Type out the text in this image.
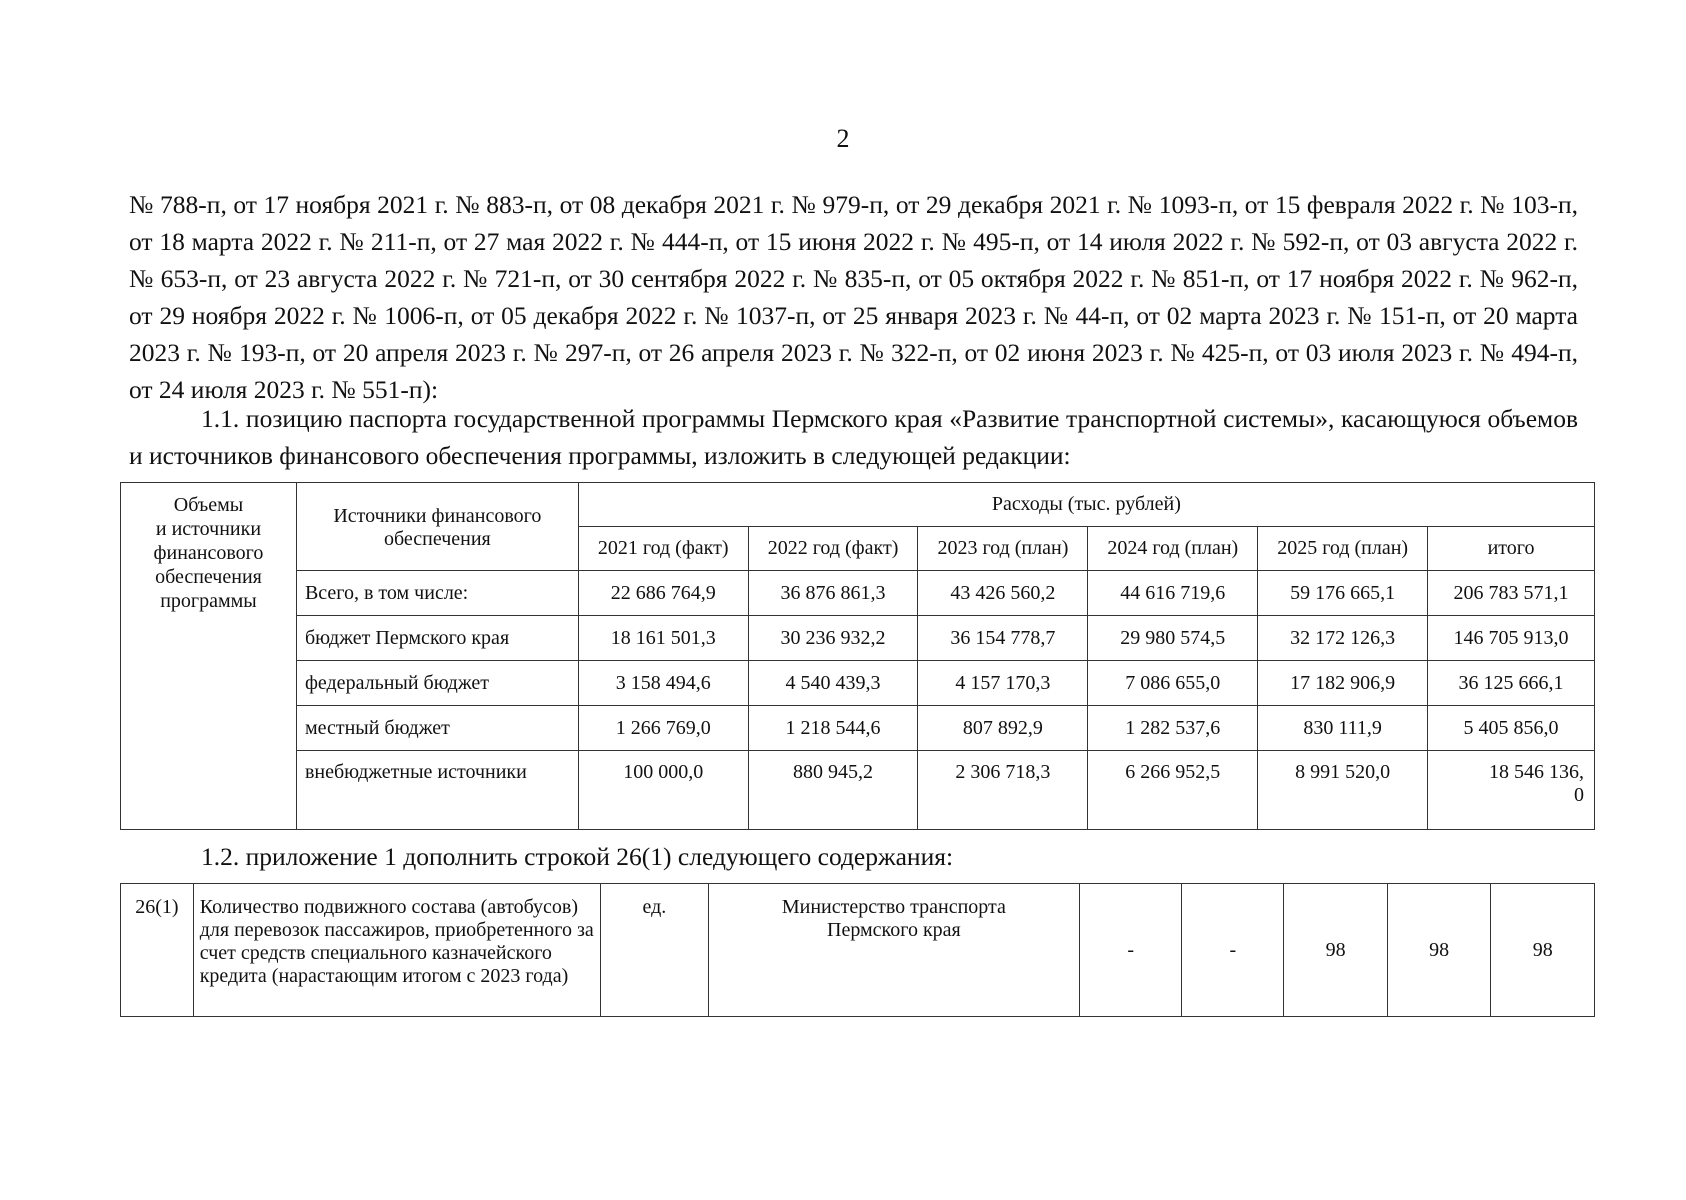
2

№ 788-п, от 17 ноября 2021 г. № 883-п, от 08 декабря 2021 г. № 979-п, от 29 декабря 2021 г. № 1093-п, от 15 февраля 2022 г. № 103-п, от 18 марта 2022 г. № 211-п, от 27 мая 2022 г. № 444-п, от 15 июня 2022 г. № 495-п, от 14 июля 2022 г. № 592-п, от 03 августа 2022 г. № 653-п, от 23 августа 2022 г. № 721-п, от 30 сентября 2022 г. № 835-п, от 05 октября 2022 г. № 851-п, от 17 ноября 2022 г. № 962-п, от 29 ноября 2022 г. № 1006-п, от 05 декабря 2022 г. № 1037-п, от 25 января 2023 г. № 44-п, от 02 марта 2023 г. № 151-п, от 20 марта 2023 г. № 193-п, от 20 апреля 2023 г. № 297-п, от 26 апреля 2023 г. № 322-п, от 02 июня 2023 г. № 425-п, от 03 июля 2023 г. № 494-п, от 24 июля 2023 г. № 551-п):

1.1. позицию паспорта государственной программы Пермского края «Развитие транспортной системы», касающуюся объемов и источников финансового обеспечения программы, изложить в следующей редакции:

Объемы
и источники
финансового
обеспечения
программы	Источники финансового обеспечения	Расходы (тыс. рублей)					
		2021 год (факт)	2022 год (факт)	2023 год (план)	2024 год (план)	2025 год (план)	итого
	Всего, в том числе:	22 686 764,9	36 876 861,3	43 426 560,2	44 616 719,6	59 176 665,1	206 783 571,1
	бюджет Пермского края	18 161 501,3	30 236 932,2	36 154 778,7	29 980 574,5	32 172 126,3	146 705 913,0
	федеральный бюджет	3 158 494,6	4 540 439,3	4 157 170,3	7 086 655,0	17 182 906,9	36 125 666,1
	местный бюджет	1 266 769,0	1 218 544,6	807 892,9	1 282 537,6	830 111,9	5 405 856,0
	внебюджетные источники	100 000,0	880 945,2	2 306 718,3	6 266 952,5	8 991 520,0	18 546 136,
0

1.2. приложение 1 дополнить строкой 26(1) следующего содержания:

26(1)	Количество подвижного состава (автобусов) для перевозок пассажиров, приобретенного за счет средств специального казначейского кредита (нарастающим итогом с 2023 года)	ед.	Министерство транспорта
Пермского края	-	-	98	98	98
